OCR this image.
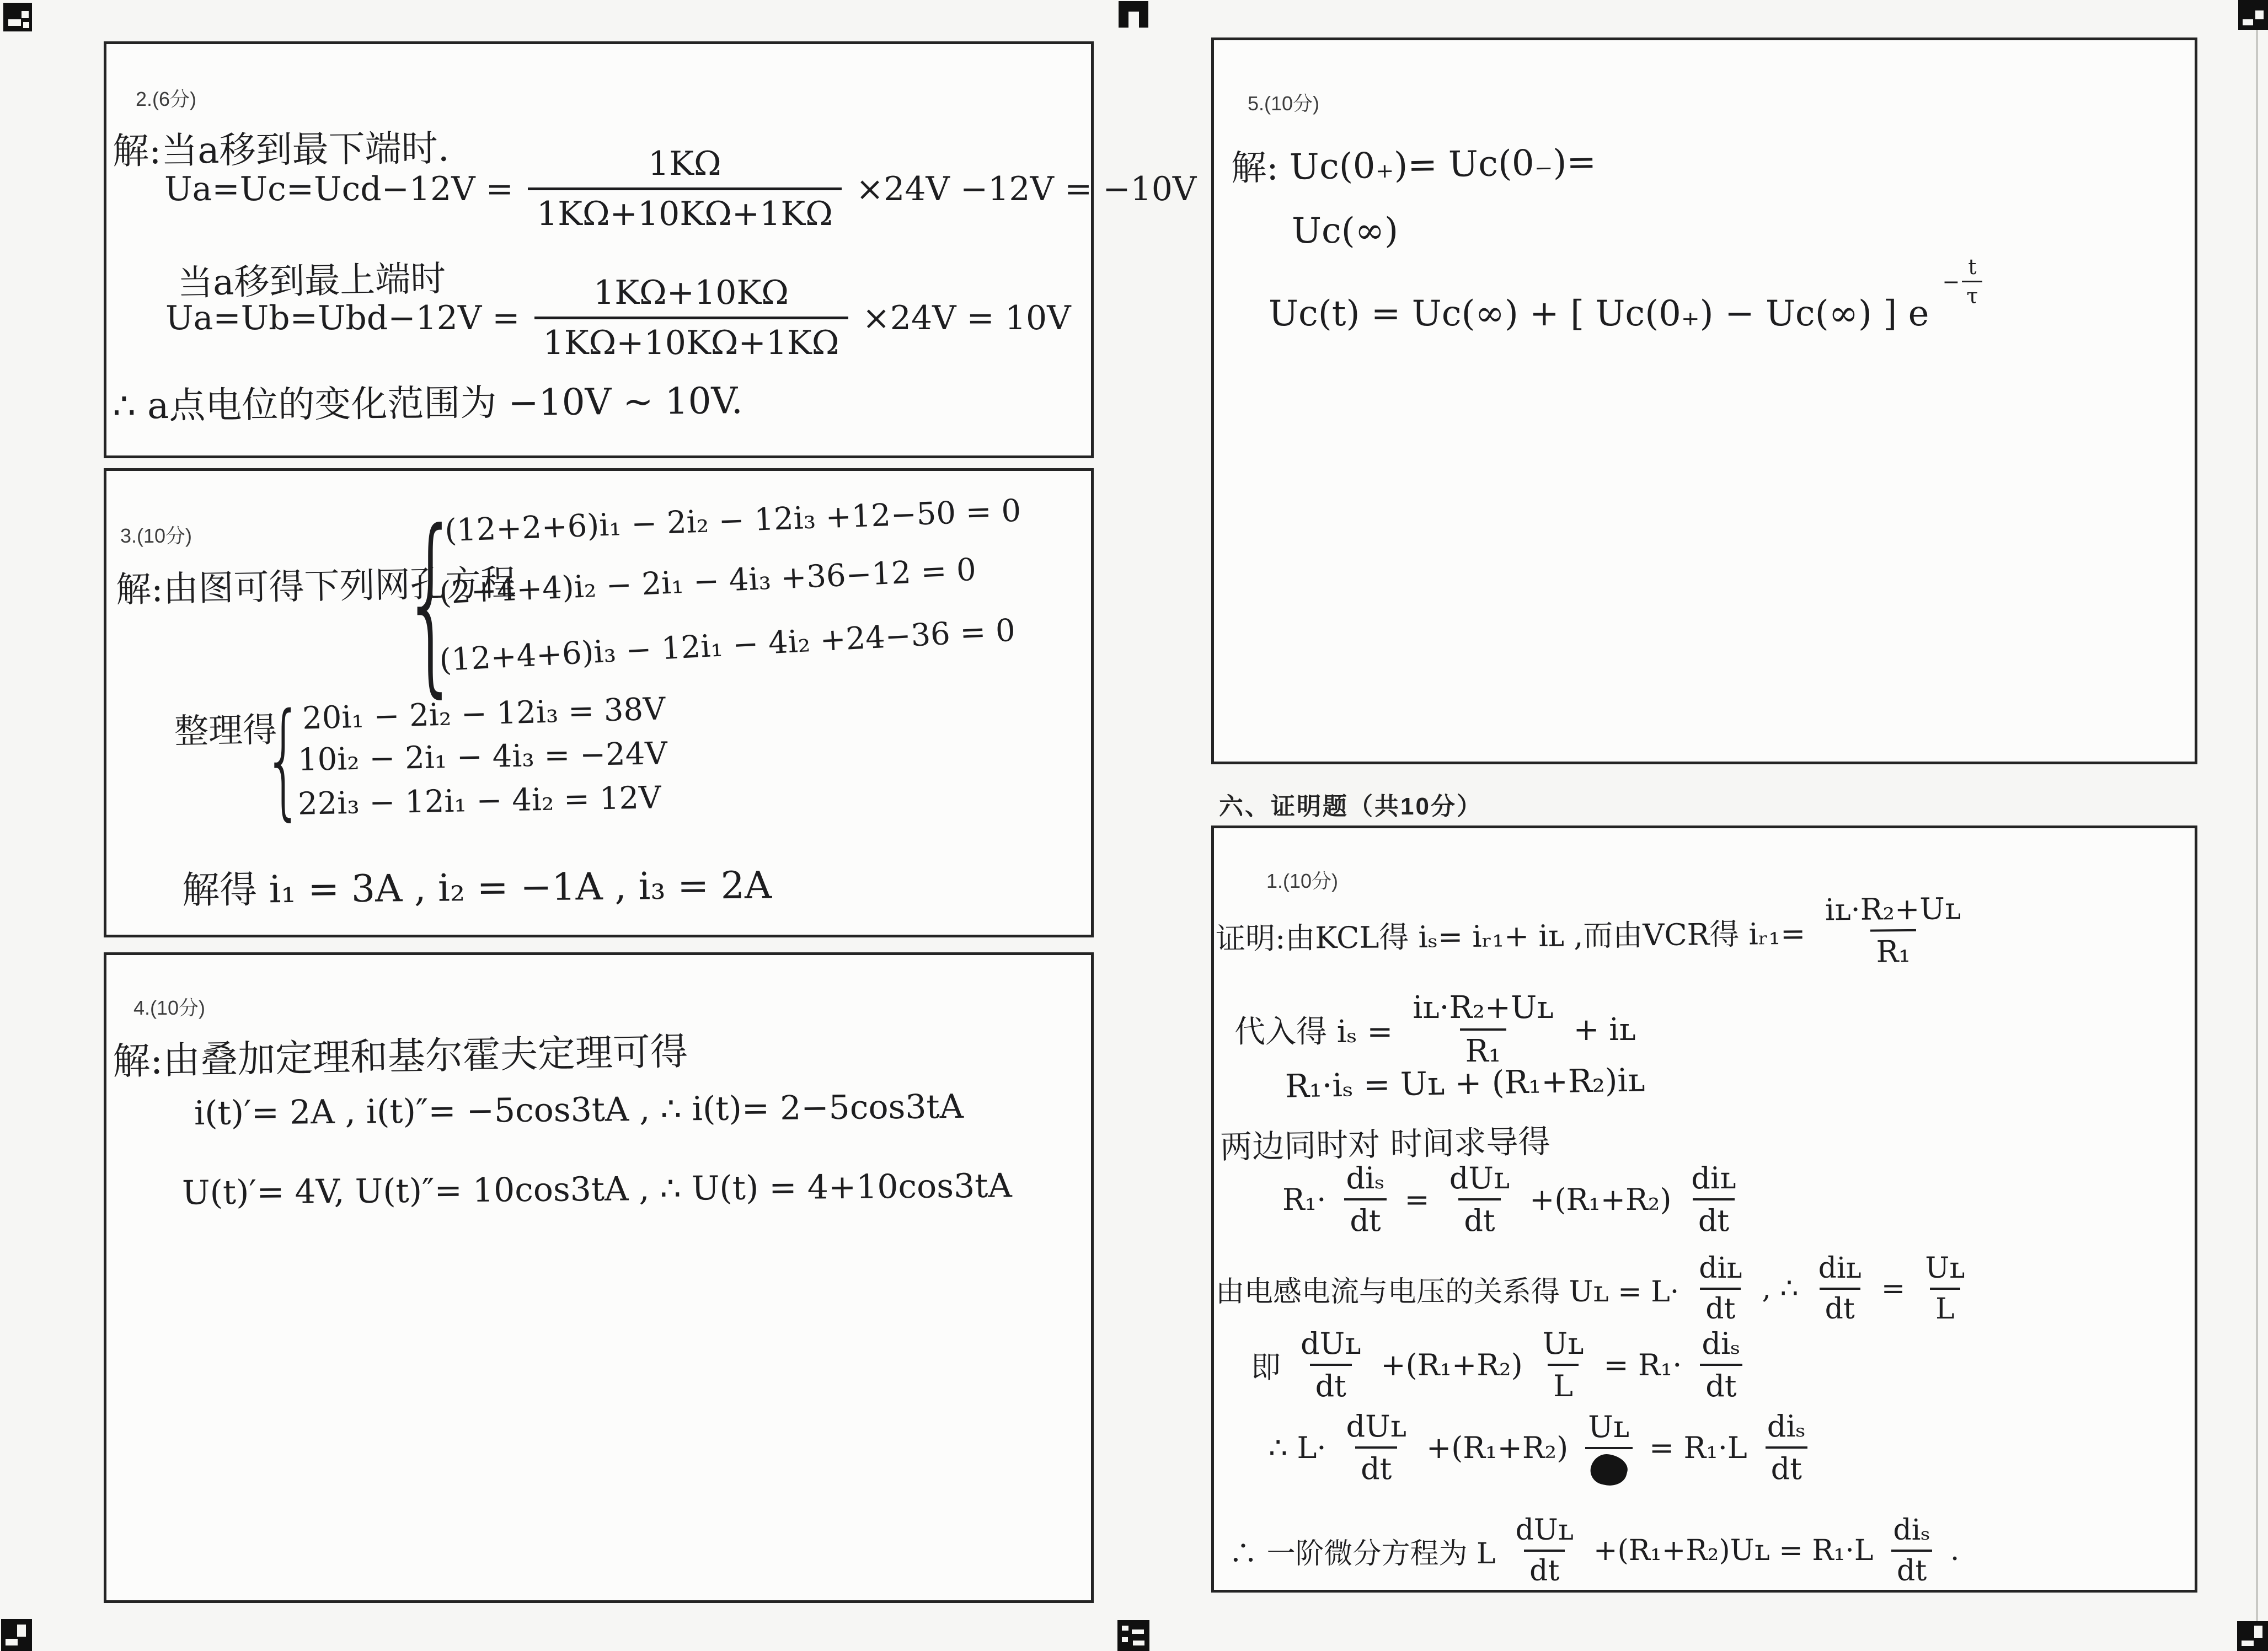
2.(6分)
解:当a移到最下端时.
$Ua=Uc=Ucd-12V = \frac{1K\Omega}{1K\Omega+10K\Omega+1K\Omega} \times 24V -12V = -10V$
当a移到最上端时
$Ua=Ub=Ubd-12V = \frac{1K\Omega+10K\Omega}{1K\Omega+10K\Omega+1K\Omega} \times 24V = 10V$
∴ a点电位的变化范围为 −10V ~ 10V.
3.(10分)
解:由图可得下列网孔方程
{
(12+2+6)i₁ − 2i₂ − 12i₃ +12−50 = 0
(2+4+4)i₂ − 2i₁ − 4i₃ +36−12 = 0
(12+4+6)i₃ − 12i₁ − 4i₂ +24−36 = 0
整理得
{
20i₁ − 2i₂ − 12i₃ = 38V
10i₂ − 2i₁ − 4i₃ = −24V
22i₃ − 12i₁ − 4i₂ = 12V
解得 i₁ = 3A , i₂ = −1A , i₃ = 2A
4.(10分)
解:由叠加定理和基尔霍夫定理可得
i(t)′= 2A , i(t)″= −5cos3tA , ∴ i(t)= 2−5cos3tA
U(t)′= 4V, U(t)″= 10cos3tA , ∴ U(t) = 4+10cos3tA
5.(10分)
解: Uc(0₊)= Uc(0₋)=
Uc(∞)
Uc(t) = Uc(∞) + [ Uc(0₊) − Uc(∞) ] e
− $\frac{t}{\tau}$
六、证明题（共10分）
1.(10分)
证明:由KCL得 iₛ= iᵣ₁+ iʟ ,而由VCR得 iᵣ₁= $\frac{\text{iʟ·R₂+Uʟ}}{\text{R₁}}$
代入得 $i_s = \frac{\text{iʟ·R₂+Uʟ}}{\text{R₁}}$ + iʟ
R₁·iₛ = Uʟ + (R₁+R₂)iʟ
两边同时对 时间求导得
$R_1\cdot \frac{\text{diₛ}}{dt} = \frac{\text{dUʟ}}{dt} +(R_1+R_2) \frac{\text{diʟ}}{dt}$
由电感电流与电压的关系得 Uʟ = $L\cdot \frac{\text{diʟ}}{dt}$ , ∴ $\frac{\text{diʟ}}{dt} = \frac{\text{Uʟ}}{L}$
即 $\frac{\text{dUʟ}}{dt} +(R_1+R_2) \frac{\text{Uʟ}}{L} = R_1\cdot \frac{\text{diₛ}}{dt}$
∴ $L\cdot \frac{\text{dUʟ}}{dt} +(R_1+R_2)$
Uʟ
= $R_1\cdot L \frac{\text{diₛ}}{dt}$
∴ 一阶微分方程为 L $\frac{\text{dUʟ}}{dt}$ +(R₁+R₂)Uʟ = $R_1\cdot L \frac{\text{diₛ}}{dt}$ .
